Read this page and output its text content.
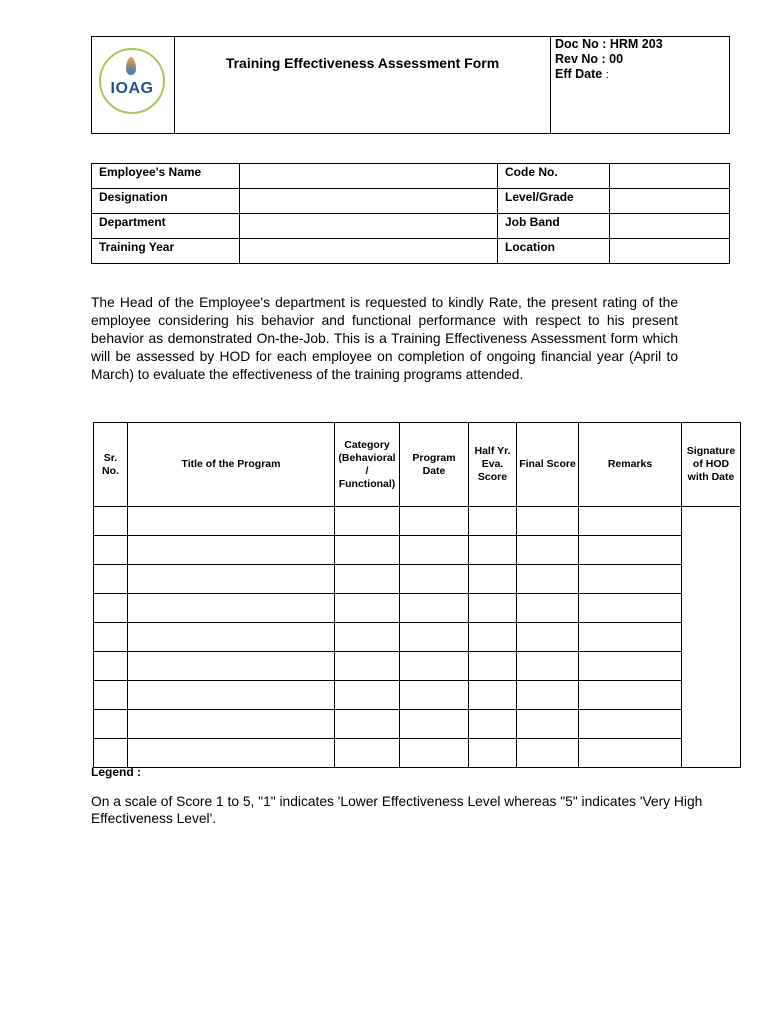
IOAG

Training Effectiveness Assessment Form

Doc No : HRM 203
Rev No : 00
Eff Date :
Employee's Name		Code No.	
Designation		Level/Grade	
Department		Job Band	
Training Year		Location	
The Head of the Employee's department is requested to kindly Rate, the present rating of the employee considering his behavior and functional performance with respect to his present behavior as demonstrated On-the-Job. This is a Training Effectiveness Assessment form which will be assessed by HOD for each employee on completion of ongoing financial year (April to March) to evaluate the effectiveness of the training programs attended.
Sr. No.	Title of the Program	Category (Behavioral / Functional)	Program Date	Half Yr. Eva. Score	Final Score	Remarks	Signature of HOD with Date

Legend :
On a scale of Score 1 to 5, "1" indicates 'Lower Effectiveness Level whereas "5" indicates 'Very High Effectiveness Level'.
